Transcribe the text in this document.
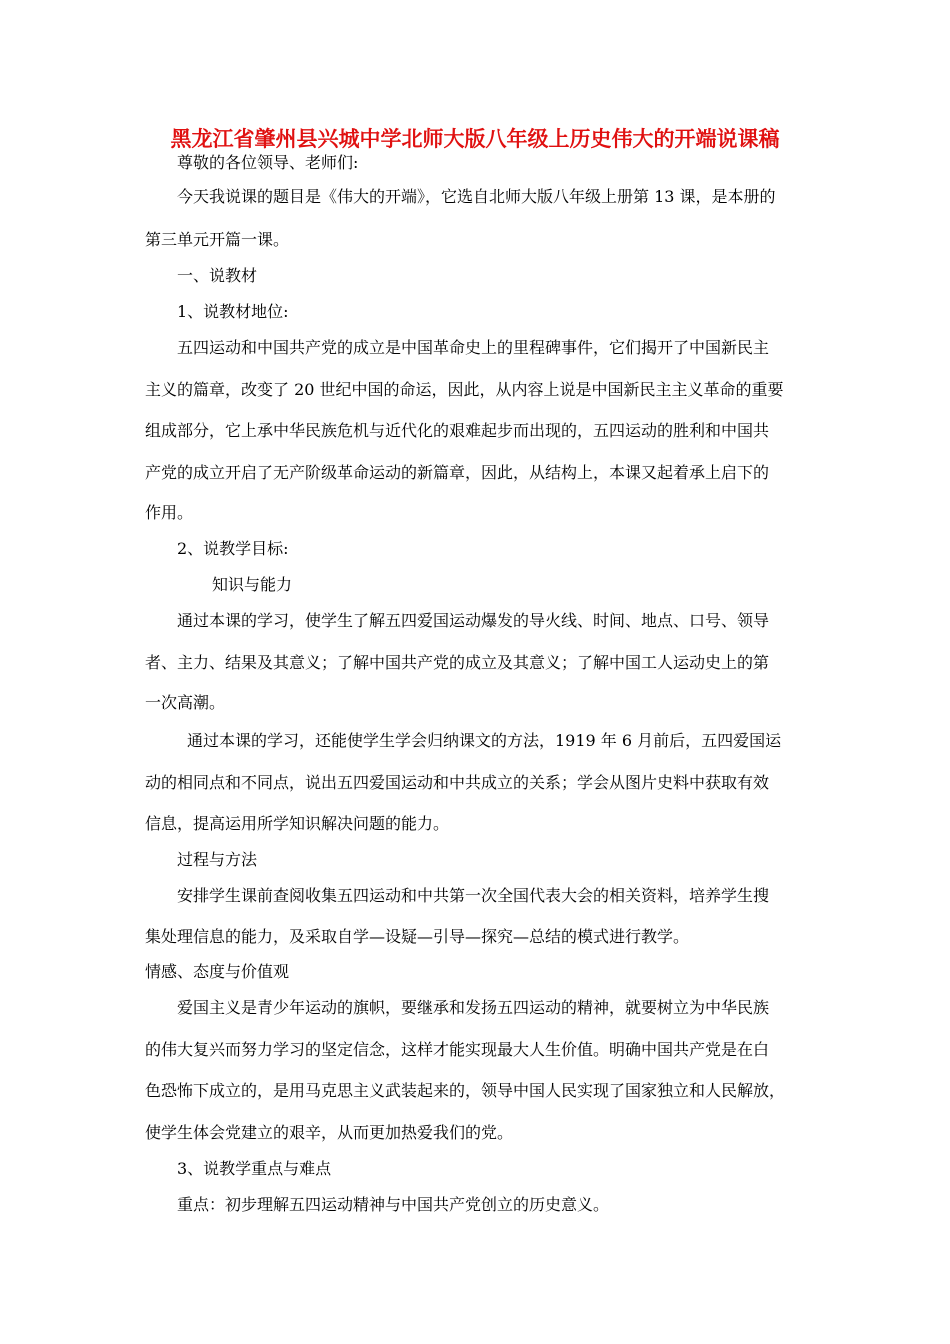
黑龙江省肇州县兴城中学北师大版八年级上历史伟大的开端说课稿
尊敬的各位领导、老师们:
今天我说课的题目是《伟大的开端》，它选自北师大版八年级上册第 13 课，是本册的
第三单元开篇一课。
一、说教材
1、说教材地位:
五四运动和中国共产党的成立是中国革命史上的里程碑事件，它们揭开了中国新民主
主义的篇章，改变了 20 世纪中国的命运，因此，从内容上说是中国新民主主义革命的重要
组成部分，它上承中华民族危机与近代化的艰难起步而出现的，五四运动的胜利和中国共
产党的成立开启了无产阶级革命运动的新篇章，因此，从结构上，本课又起着承上启下的
作用。
2、说教学目标:
知识与能力
通过本课的学习，使学生了解五四爱国运动爆发的导火线、时间、地点、口号、领导
者、主力、结果及其意义；了解中国共产党的成立及其意义；了解中国工人运动史上的第
一次高潮。
通过本课的学习，还能使学生学会归纳课文的方法，1919 年 6 月前后，五四爱国运
动的相同点和不同点，说出五四爱国运动和中共成立的关系；学会从图片史料中获取有效
信息，提高运用所学知识解决问题的能力。
过程与方法
安排学生课前查阅收集五四运动和中共第一次全国代表大会的相关资料，培养学生搜
集处理信息的能力，及采取自学—设疑—引导—探究—总结的模式进行教学。
情感、态度与价值观
爱国主义是青少年运动的旗帜，要继承和发扬五四运动的精神，就要树立为中华民族
的伟大复兴而努力学习的坚定信念，这样才能实现最大人生价值。明确中国共产党是在白
色恐怖下成立的，是用马克思主义武装起来的，领导中国人民实现了国家独立和人民解放，
使学生体会党建立的艰辛，从而更加热爱我们的党。
3、说教学重点与难点
重点：初步理解五四运动精神与中国共产党创立的历史意义。
